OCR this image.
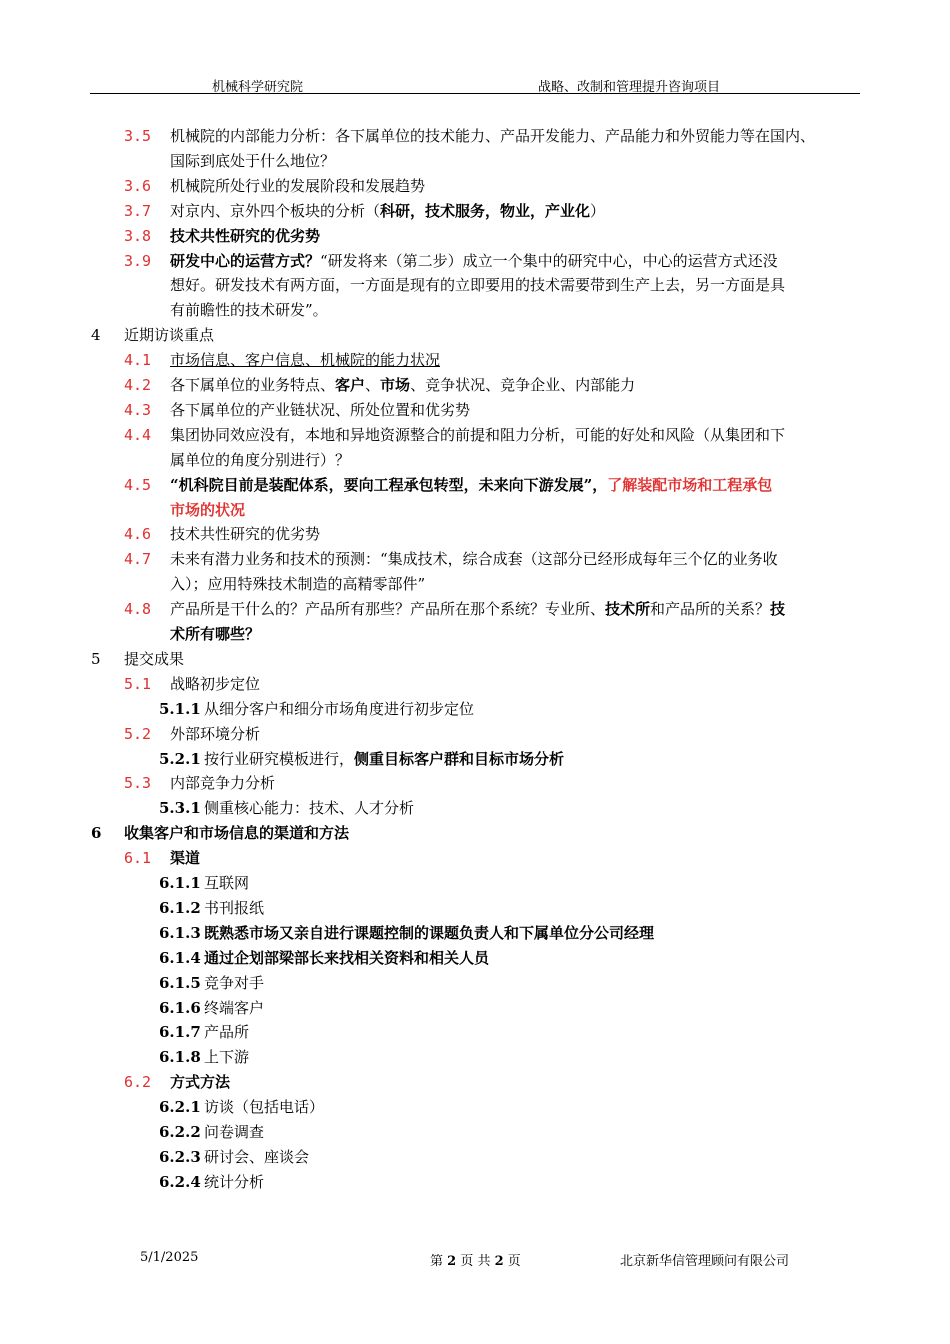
机械科学研究院	战略、改制和管理提升咨询项目
3.5 机械院的内部能力分析：各下属单位的技术能力、产品开发能力、产品能力和外贸能力等在国内、
国际到底处于什么地位？
3.6 机械院所处行业的发展阶段和发展趋势
3.7 对京内、京外四个板块的分析（科研，技术服务，物业，产业化）
3.8 技术共性研究的优劣势
3.9 研发中心的运营方式？“研发将来（第二步）成立一个集中的研究中心，中心的运营方式还没
想好。研发技术有两方面，一方面是现有的立即要用的技术需要带到生产上去，另一方面是具
有前瞻性的技术研发”。
4 近期访谈重点
4.1 市场信息、客户信息、机械院的能力状况
4.2 各下属单位的业务特点、客户、市场、竞争状况、竞争企业、内部能力
4.3 各下属单位的产业链状况、所处位置和优劣势
4.4 集团协同效应没有，本地和异地资源整合的前提和阻力分析，可能的好处和风险（从集团和下
属单位的角度分别进行）？
4.5 “机科院目前是装配体系，要向工程承包转型，未来向下游发展”，了解装配市场和工程承包
市场的状况
4.6 技术共性研究的优劣势
4.7 未来有潜力业务和技术的预测：“集成技术，综合成套（这部分已经形成每年三个亿的业务收
入）；应用特殊技术制造的高精零部件”
4.8 产品所是干什么的？产品所有那些？产品所在那个系统？专业所、技术所和产品所的关系？技
术所有哪些？
5 提交成果
5.1 战略初步定位
5.1.1 从细分客户和细分市场角度进行初步定位
5.2 外部环境分析
5.2.1 按行业研究模板进行，侧重目标客户群和目标市场分析
5.3 内部竞争力分析
5.3.1 侧重核心能力：技术、人才分析
6 收集客户和市场信息的渠道和方法
6.1 渠道
6.1.1 互联网
6.1.2 书刊报纸
6.1.3 既熟悉市场又亲自进行课题控制的课题负责人和下属单位分公司经理
6.1.4 通过企划部梁部长来找相关资料和相关人员
6.1.5 竞争对手
6.1.6 终端客户
6.1.7 产品所
6.1.8 上下游
6.2 方式方法
6.2.1 访谈（包括电话）
6.2.2 问卷调查
6.2.3 研讨会、座谈会
6.2.4 统计分析
5/1/2025	第 2 页 共 2 页	北京新华信管理顾问有限公司
